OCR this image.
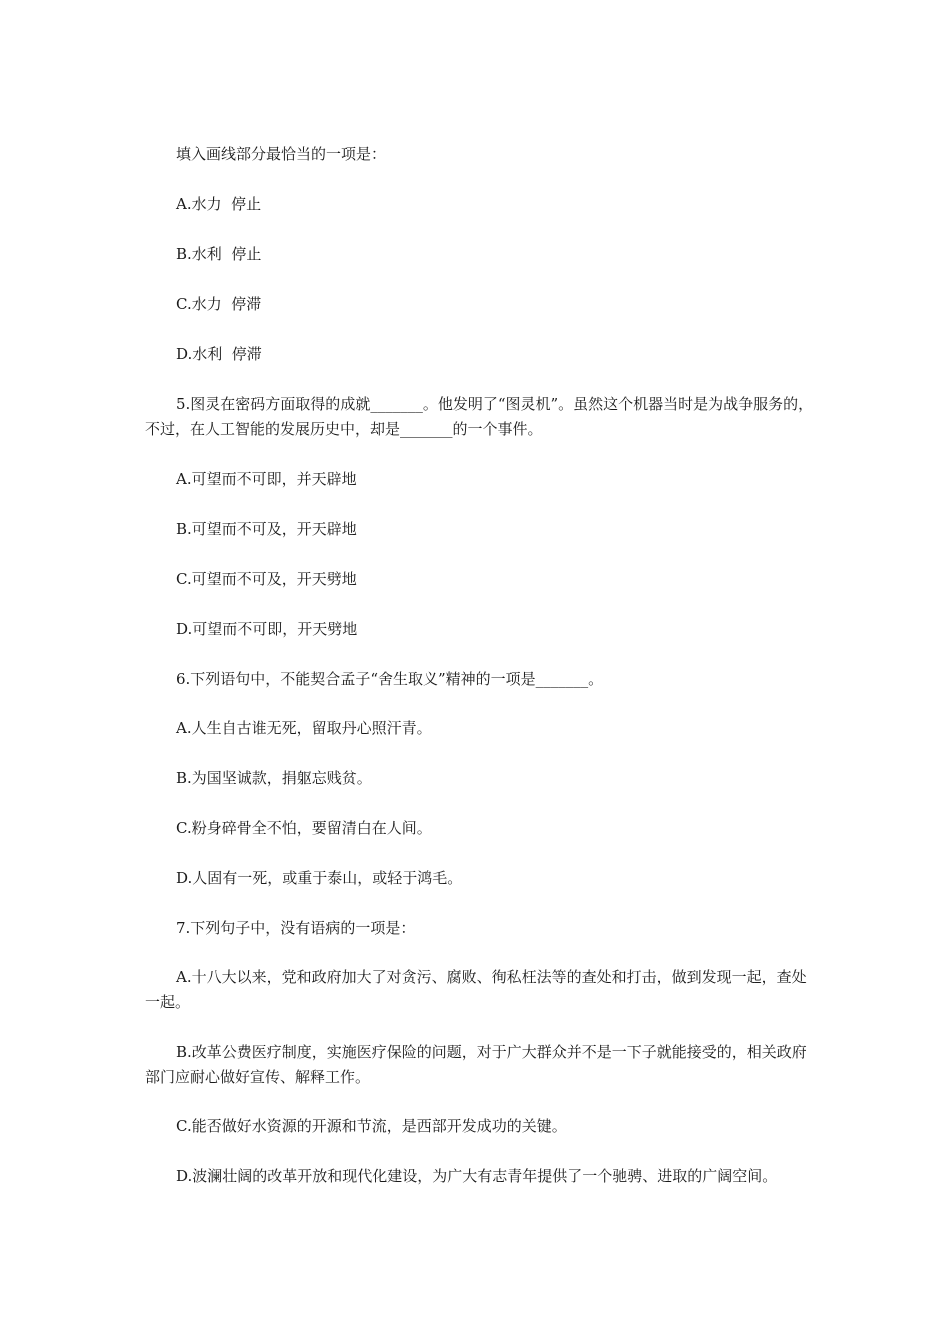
填入画线部分最恰当的一项是：

A.水力  停止

B.水利  停止

C.水力  停滞

D.水利  停滞

5.图灵在密码方面取得的成就_______。他发明了“图灵机”。虽然这个机器当时是为战争服务的，不过，在人工智能的发展历史中，却是_______的一个事件。

A.可望而不可即，并天辟地

B.可望而不可及，开天辟地

C.可望而不可及，开天劈地

D.可望而不可即，开天劈地

6.下列语句中，不能契合孟子“舍生取义”精神的一项是_______。

A.人生自古谁无死，留取丹心照汗青。

B.为国坚诚款，捐躯忘贱贫。

C.粉身碎骨全不怕，要留清白在人间。

D.人固有一死，或重于泰山，或轻于鸿毛。

7.下列句子中，没有语病的一项是：

A.十八大以来，党和政府加大了对贪污、腐败、徇私枉法等的查处和打击，做到发现一起，查处一起。

B.改革公费医疗制度，实施医疗保险的问题，对于广大群众并不是一下子就能接受的，相关政府部门应耐心做好宣传、解释工作。

C.能否做好水资源的开源和节流，是西部开发成功的关键。

D.波澜壮阔的改革开放和现代化建设，为广大有志青年提供了一个驰骋、进取的广阔空间。
